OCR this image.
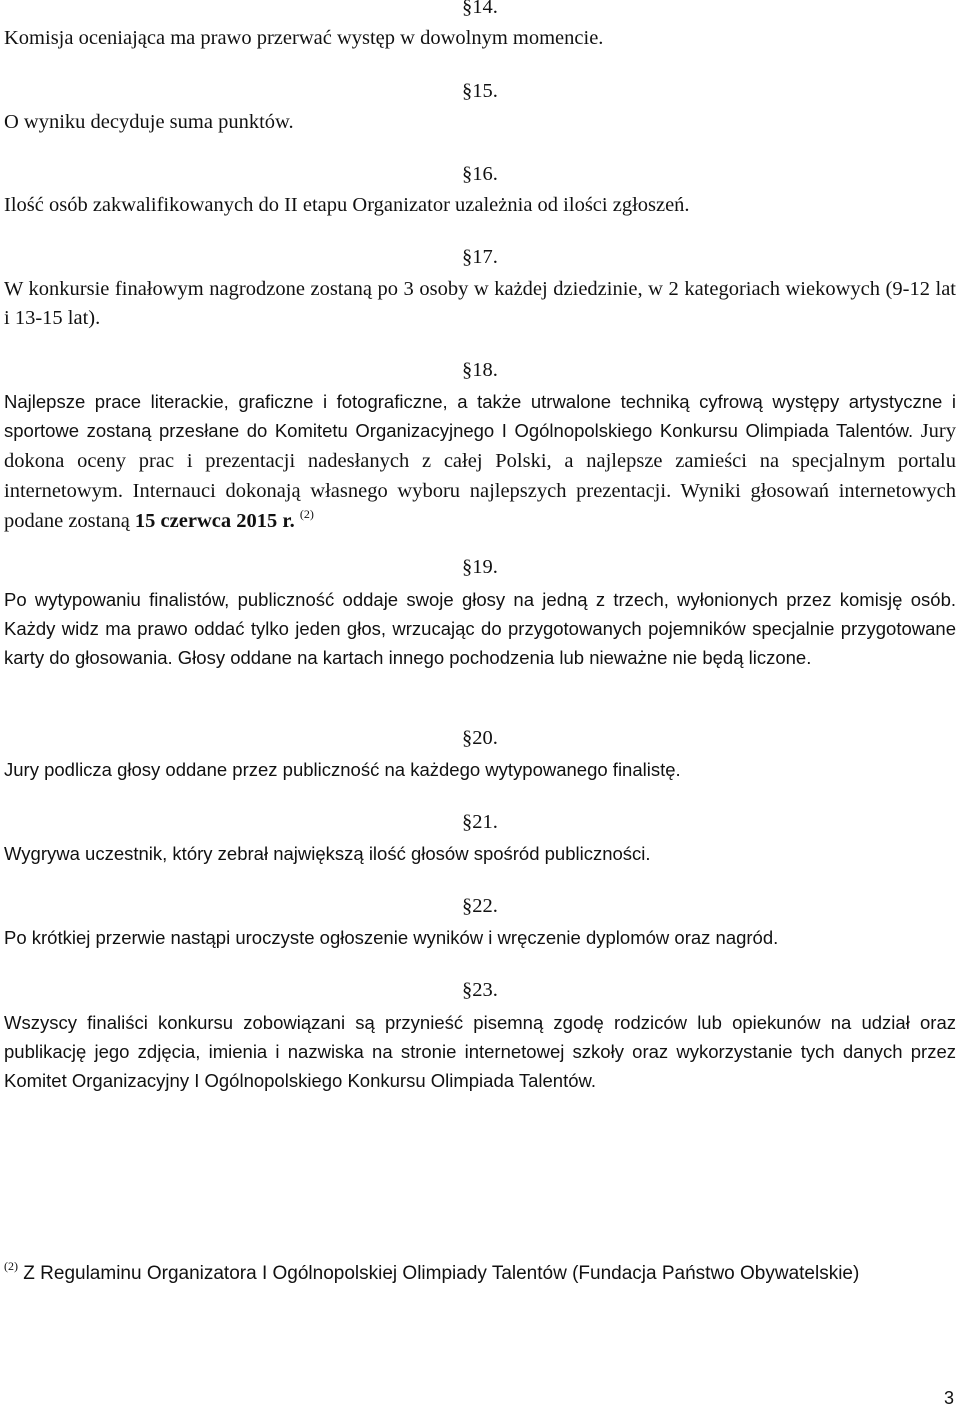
§14.

Komisja oceniająca ma prawo przerwać występ w dowolnym momencie.

§15.

O wyniku decyduje suma punktów.

§16.

Ilość osób zakwalifikowanych do II etapu Organizator uzależnia od ilości zgłoszeń.

§17.

W konkursie finałowym nagrodzone zostaną po 3 osoby w każdej dziedzinie, w 2 kategoriach wiekowych (9-12 lat i 13-15 lat).

§18.

Najlepsze prace literackie, graficzne i fotograficzne, a także utrwalone techniką cyfrową występy artystyczne i sportowe zostaną przesłane do Komitetu Organizacyjnego I Ogólnopolskiego Konkursu Olimpiada Talentów. Jury dokona oceny prac i prezentacji nadesłanych z całej Polski, a najlepsze zamieści na specjalnym portalu internetowym. Internauci dokonają własnego wyboru najlepszych prezentacji. Wyniki głosowań internetowych podane zostaną 15 czerwca 2015 r. $^{(2)}$

§19.

Po wytypowaniu finalistów, publiczność oddaje swoje głosy na jedną z trzech, wyłonionych przez komisję osób. Każdy widz ma prawo oddać tylko jeden głos, wrzucając do przygotowanych pojemników specjalnie przygotowane karty do głosowania. Głosy oddane na kartach innego pochodzenia lub nieważne nie będą liczone.

§20.

Jury podlicza głosy oddane przez publiczność na każdego wytypowanego finalistę.

§21.

Wygrywa uczestnik, który zebrał największą ilość głosów spośród publiczności.

§22.

Po krótkiej przerwie nastąpi uroczyste ogłoszenie wyników i wręczenie dyplomów oraz nagród.

§23.

Wszyscy finaliści konkursu zobowiązani są przynieść pisemną zgodę rodziców lub opiekunów na udział oraz publikację jego zdjęcia, imienia i nazwiska na stronie internetowej szkoły oraz wykorzystanie tych danych przez Komitet Organizacyjny I Ogólnopolskiego Konkursu Olimpiada Talentów.

$^{(2)}$ Z Regulaminu Organizatora I Ogólnopolskiej Olimpiady Talentów (Fundacja Państwo Obywatelskie)

3
